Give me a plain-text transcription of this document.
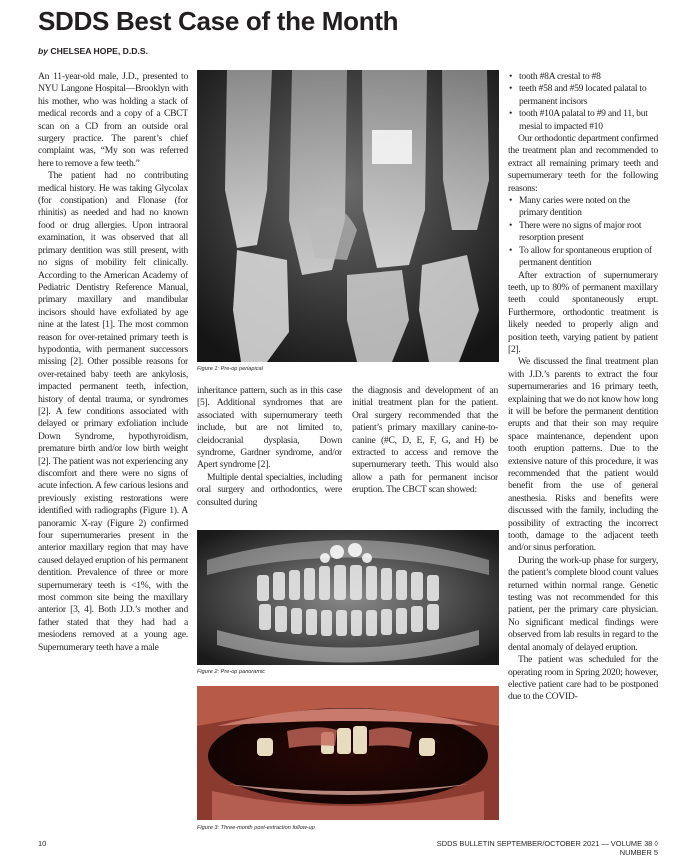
SDDS Best Case of the Month
by CHELSEA HOPE, D.D.S.

An 11-year-old male, J.D., presented to NYU Langone Hospital—Brooklyn with his mother, who was holding a stack of medical records and a copy of a CBCT scan on a CD from an outside oral surgery practice. The parent’s chief complaint was, “My son was referred here to remove a few teeth.”

The patient had no contributing medical history. He was taking Glycolax (for constipation) and Flonase (for rhinitis) as needed and had no known food or drug allergies. Upon intraoral examination, it was observed that all primary dentition was still present, with no signs of mobility felt clinically. According to the American Academy of Pediatric Dentistry Reference Manual, primary maxillary and mandibular incisors should have exfoliated by age nine at the latest [1]. The most common reason for over-retained primary teeth is hypodontia, with permanent successors missing [2]. Other possible reasons for over-retained baby teeth are ankylosis, impacted permanent teeth, infection, history of dental trauma, or syndromes [2]. A few conditions associated with delayed or primary exfoliation include Down Syndrome, hypothyroidism, premature birth and/or low birth weight [2]. The patient was not experiencing any discomfort and there were no signs of acute infection. A few carious lesions and previously existing restorations were identified with radiographs (Figure 1). A panoramic X-ray (Figure 2) confirmed four supernumeraries present in the anterior maxillary region that may have caused delayed eruption of his permanent dentition. Prevalence of three or more supernumerary teeth is <1%, with the most common site being the maxillary anterior [3, 4]. Both J.D.’s mother and father stated that they had had a mesiodens removed at a young age. Supernumerary teeth have a male

Figure 1: Pre-op periapical

inheritance pattern, such as in this case [5]. Additional syndromes that are associated with supernumerary teeth include, but are not limited to, cleidocranial dysplasia, Down syndrome, Gardner syndrome, and/or Apert syndrome [2].

Multiple dental specialties, including oral surgery and orthodontics, were consulted during

the diagnosis and development of an initial treatment plan for the patient. Oral surgery recommended that the patient’s primary maxillary canine-to-canine (#C, D, E, F, G, and H) be extracted to access and remove the supernumerary teeth. This would also allow a path for permanent incisor eruption. The CBCT scan showed:

Figure 2: Pre-op panoramic
Figure 3: Three-month post-extraction follow-up
• tooth #8A crestal to #8
• teeth #58 and #59 located palatal to permanent incisors
• tooth #10A palatal to #9 and 11, but mesial to impacted #10

Our orthodontic department confirmed the treatment plan and recommended to extract all remaining primary teeth and supernumerary teeth for the following reasons:

• Many caries were noted on the primary dentition
• There were no signs of major root resorption present
• To allow for spontaneous eruption of permanent dentition

After extraction of supernumerary teeth, up to 80% of permanent maxillary teeth could spontaneously erupt. Furthermore, orthodontic treatment is likely needed to properly align and position teeth, varying patient by patient [2].

We discussed the final treatment plan with J.D.’s parents to extract the four supernumeraries and 16 primary teeth, explaining that we do not know how long it will be before the permanent dentition erupts and that their son may require space maintenance, dependent upon tooth eruption patterns. Due to the extensive nature of this procedure, it was recommended that the patient would benefit from the use of general anesthesia. Risks and benefits were discussed with the family, including the possibility of extracting the incorrect tooth, damage to the adjacent teeth and/or sinus perforation.

During the work-up phase for surgery, the patient’s complete blood count values returned within normal range. Genetic testing was not recommended for this patient, per the primary care physician. No significant medical findings were observed from lab results in regard to the dental anomaly of delayed eruption.

The patient was scheduled for the operating room in Spring 2020; however, elective patient care had to be postponed due to the COVID-

10	SDDS BULLETIN SEPTEMBER/OCTOBER 2021 — VOLUME 38 ◊ NUMBER 5
